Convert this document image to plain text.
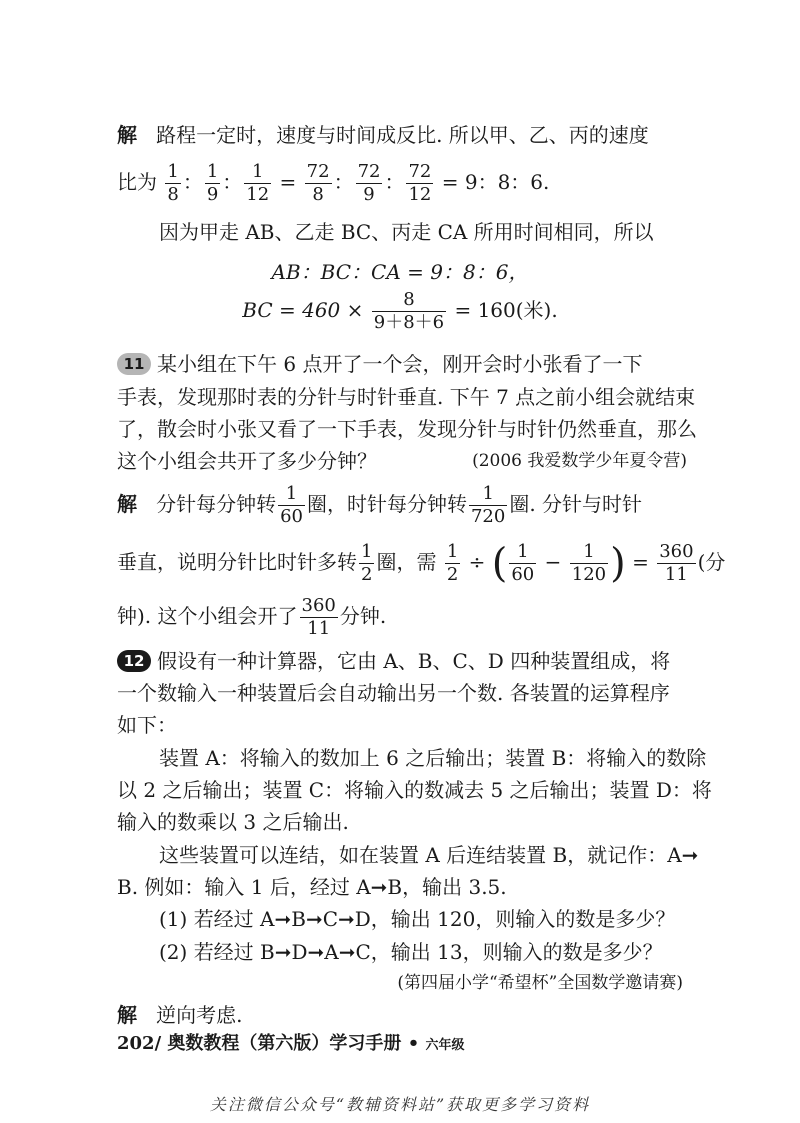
解 路程一定时，速度与时间成反比. 所以甲、乙、丙的速度
比为 $\frac{1}{8}$ ： $\frac{1}{9}$ ： $\frac{1}{12} = \frac{72}{8}$ ： $\frac{72}{9}$ ： $\frac{72}{12} = 9$：8：6.
因为甲走 AB、乙走 BC、丙走 CA 所用时间相同，所以
AB：BC：CA = 9：8：6，
BC = $460 \times \frac{8}{9+8+6} = 160$(米).
11 某小组在下午 6 点开了一个会，刚开会时小张看了一下
手表，发现那时表的分针与时针垂直. 下午 7 点之前小组会就结束
了，散会时小张又看了一下手表，发现分针与时针仍然垂直，那么
这个小组会共开了多少分钟？	(2006 我爱数学少年夏令营)
解 分针每分钟转 $\frac{1}{60}$ 圈，时针每分钟转 $\frac{1}{720}$ 圈. 分针与时针
垂直，说明分针比时针多转 $\frac{1}{2}$ 圈，需 $\frac{1}{2}$ ÷ ( $\frac{1}{60} - \frac{1}{120}$ ) = $\frac{360}{11}$ (分
钟). 这个小组会开了 $\frac{360}{11}$ 分钟.
12 假设有一种计算器，它由 A、B、C、D 四种装置组成，将
一个数输入一种装置后会自动输出另一个数. 各装置的运算程序
如下：
装置 A：将输入的数加上 6 之后输出；装置 B：将输入的数除
以 2 之后输出；装置 C：将输入的数减去 5 之后输出；装置 D：将
输入的数乘以 3 之后输出.
这些装置可以连结，如在装置 A 后连结装置 B，就记作：A➞
B. 例如：输入 1 后，经过 A➞B，输出 3.5.
(1) 若经过 A➞B➞C➞D，输出 120，则输入的数是多少？
(2) 若经过 B➞D➞A➞C，输出 13，则输入的数是多少？
(第四届小学“希望杯”全国数学邀请赛)
解 逆向考虑.
202/ 奥数教程（第六版）学习手册 • 六年级
关注微信公众号“教辅资料站”获取更多学习资料
